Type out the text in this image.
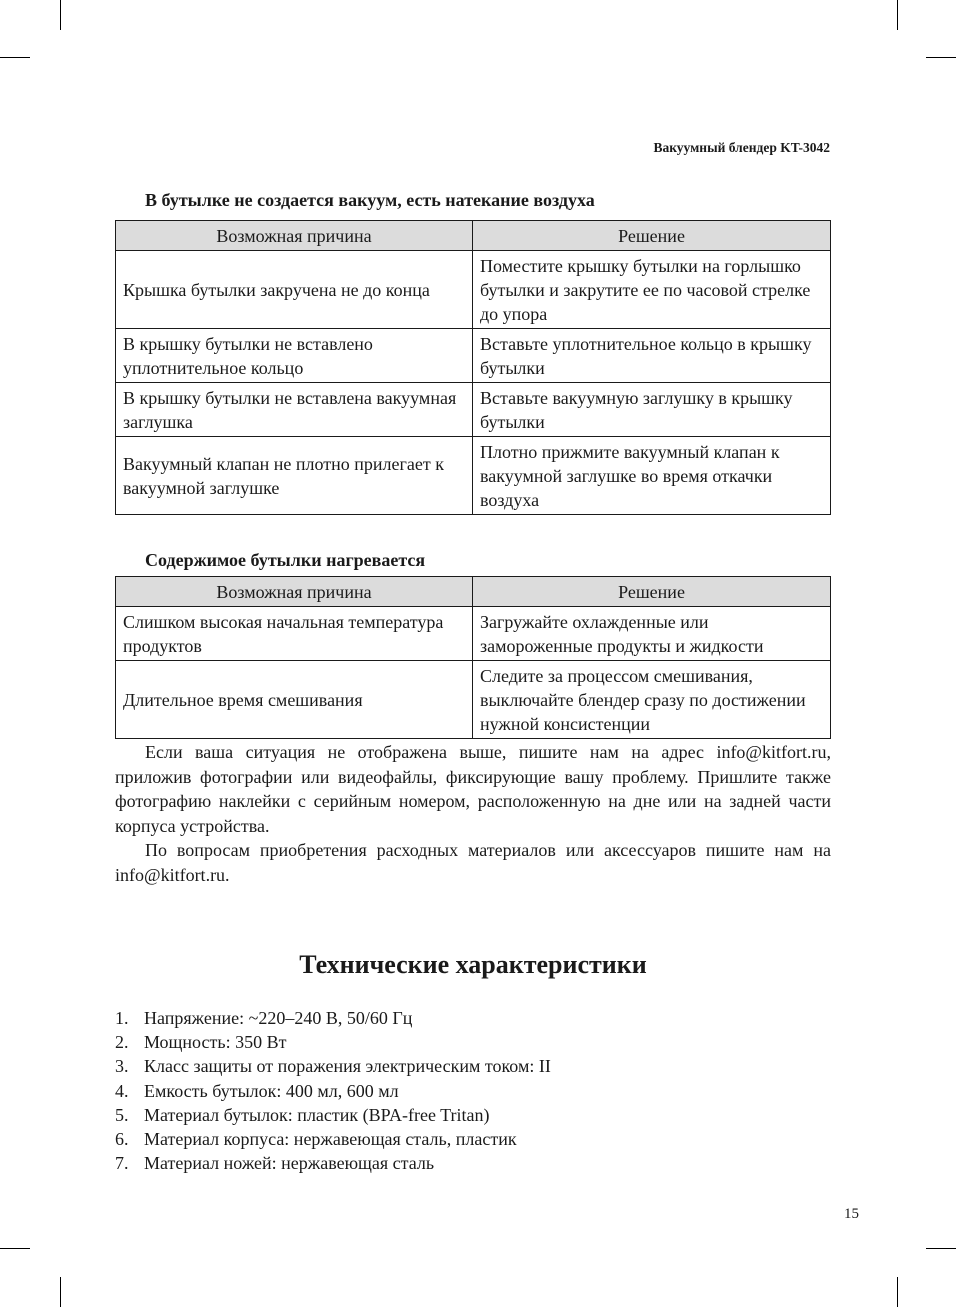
Вакуумный блендер KT-3042
В бутылке не создается вакуум, есть натекание воздуха
Возможная причина	Решение
Крышка бутылки закручена не до конца	Поместите крышку бутылки на горлышко бутылки и закрутите ее по часовой стрелке до упора
В крышку бутылки не вставлено уплотнительное кольцо	Вставьте уплотнительное кольцо в крышку бутылки
В крышку бутылки не вставлена вакуумная заглушка	Вставьте вакуумную заглушку в крышку бутылки
Вакуумный клапан не плотно прилегает к вакуумной заглушке	Плотно прижмите вакуумный клапан к вакуумной заглушке во время откачки воздуха
Содержимое бутылки нагревается
Возможная причина	Решение
Слишком высокая начальная температура продуктов	Загружайте охлажденные или замороженные продукты и жидкости
Длительное время смешивания	Следите за процессом смешивания, выключайте блендер сразу по достижении нужной консистенции

Если ваша ситуация не отображена выше, пишите нам на адрес info@kitfort.ru, приложив фотографии или видеофайлы, фиксирующие вашу проблему. Пришлите также фотографию наклейки с серийным номером, расположенную на дне или на задней части корпуса устройства.

По вопросам приобретения расходных материалов или аксессуаров пишите нам на info@kitfort.ru.

Технические характеристики
1. Напряжение: ~220–240 В, 50/60 Гц
2. Мощность: 350 Вт
3. Класс защиты от поражения электрическим током: II
4. Емкость бутылок: 400 мл, 600 мл
5. Материал бутылок: пластик (BPA-free Tritan)
6. Материал корпуса: нержавеющая сталь, пластик
7. Материал ножей: нержавеющая сталь
15
